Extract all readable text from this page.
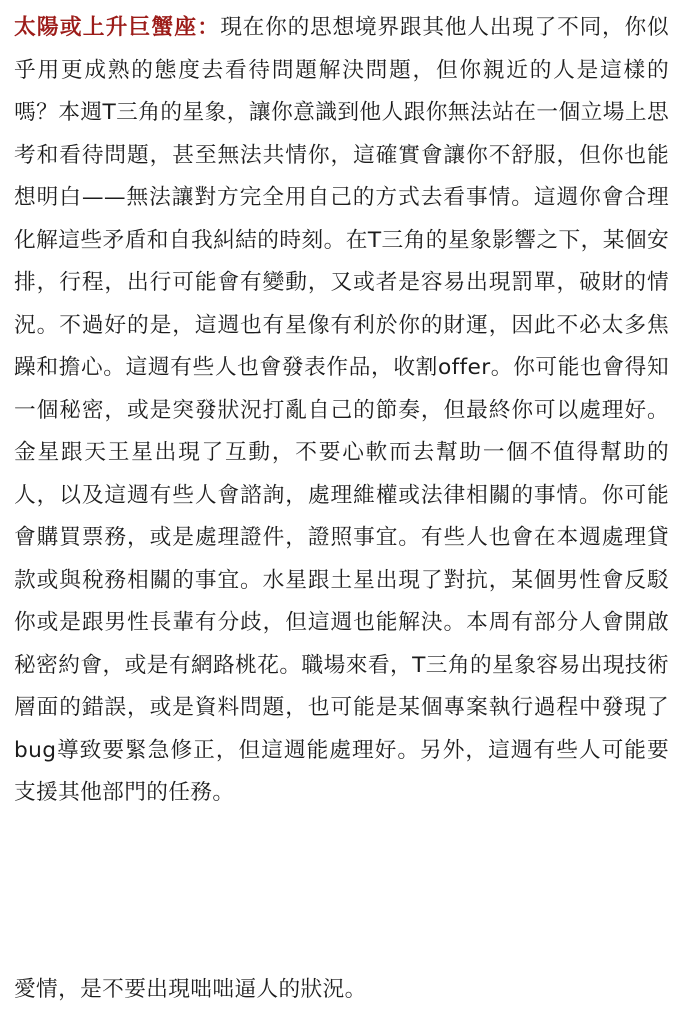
太陽或上升巨蟹座：現在你的思想境界跟其他人出現了不同，你似乎用更成熟的態度去看待問題解決問題，但你親近的人是這樣的嗎？本週T三角的星象，讓你意識到他人跟你無法站在一個立場上思考和看待問題，甚至無法共情你，這確實會讓你不舒服，但你也能想明白——無法讓對方完全用自己的方式去看事情。這週你會合理化解這些矛盾和自我糾結的時刻。在T三角的星象影響之下，某個安排，行程，出行可能會有變動，又或者是容易出現罰單，破財的情況。不過好的是，這週也有星像有利於你的財運，因此不必太多焦躁和擔心。這週有些人也會發表作品，收割offer。你可能也會得知一個秘密，或是突發狀況打亂自己的節奏，但最終你可以處理好。金星跟天王星出現了互動，不要心軟而去幫助一個不值得幫助的人，以及這週有些人會諮詢，處理維權或法律相關的事情。你可能會購買票務，或是處理證件，證照事宜。有些人也會在本週處理貸款或與稅務相關的事宜。水星跟土星出現了對抗，某個男性會反駁你或是跟男性長輩有分歧，但這週也能解決。本周有部分人會開啟秘密約會，或是有網路桃花。職場來看，T三角的星象容易出現技術層面的錯誤，或是資料問題，也可能是某個專案執行過程中發現了bug導致要緊急修正，但這週能處理好。另外，這週有些人可能要支援其他部門的任務。

愛情，是不要出現咄咄逼人的狀況。
